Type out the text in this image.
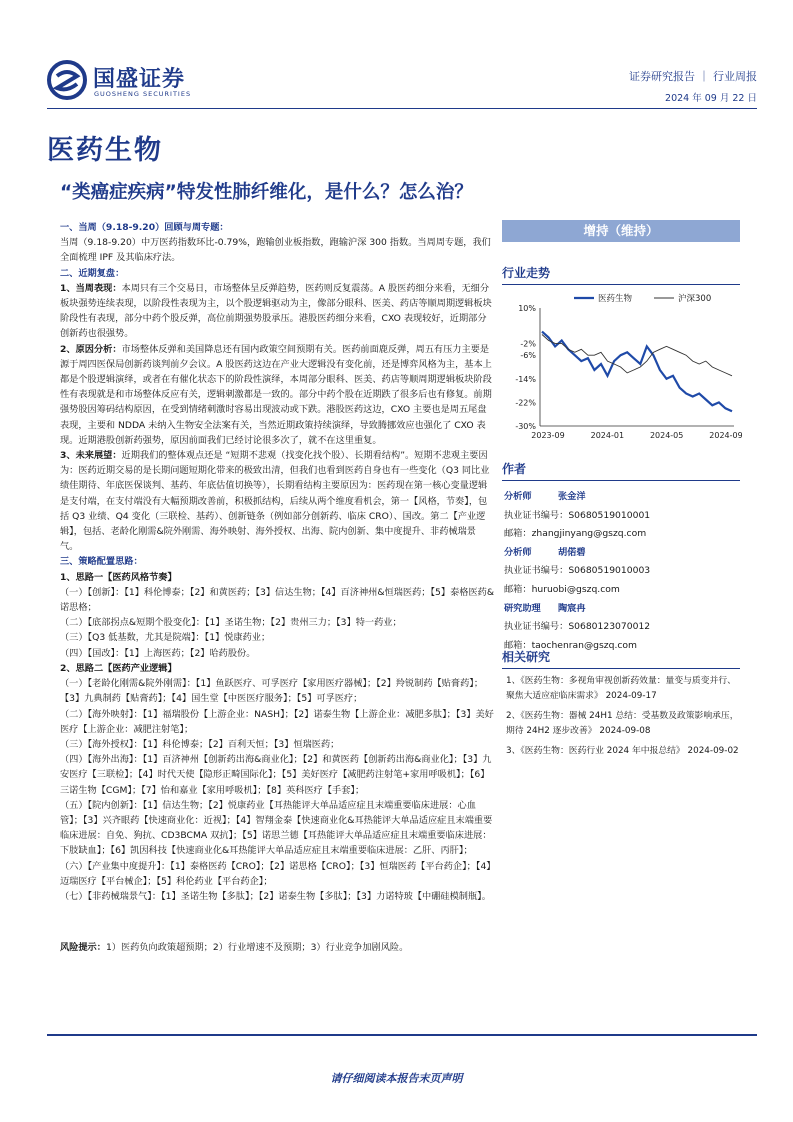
国盛证券
GUOSHENG SECURITIES
证券研究报告 ｜ 行业周报
2024 年 09 月 22 日
医药生物
“类癌症疾病”特发性肺纤维化，是什么？怎么治？

一、当周（9.18-9.20）回顾与周专题：

当周（9.18-9.20）中万医药指数环比-0.79%，跑输创业板指数，跑输沪深 300 指数。当周周专题，我们全面梳理 IPF 及其临床疗法。

二、近期复盘：

1、当周表现：本周只有三个交易日，市场整体呈反弹趋势，医药则反复震荡。A 股医药细分来看，无细分板块强势连续表现，以阶段性表现为主，以个股逻辑驱动为主，像部分眼科、医美、药店等顺周期逻辑板块阶段性有表现，部分中药个股反弹，高位前期强势股承压。港股医药细分来看，CXO 表现较好，近期部分创新药也很强势。

2、原因分析：市场整体反弹和美国降息还有国内政策空间预期有关。医药前面鹿反弹，周五有压力主要是源于周四医保局创新药谈判前夕会议。A 股医药这边在产业大逻辑没有变化前，还是博弈风格为主，基本上都是个股逻辑演绎，或者在有催化状态下的阶段性演绎，本周部分眼科、医美、药店等顺周期逻辑板块阶段性有表现就是和市场整体反应有关，逻辑刺激都是一致的。部分中药个股在近期跌了很多后也有修复。前期强势股因筹码结构原因，在受到情绪刺激时容易出现波动或下跌。港股医药这边，CXO 主要也是周五尾盘表现，主要和 NDDA 未纳入生物安全法案有关，当然近期政策持续演绎，导致腾挪效应也强化了 CXO 表现。近期港股创新药强势，原因前面我们已经讨论很多次了，就不在这里重复。

3、未来展望：近期我们的整体观点还是 “短期不悲观（找变化找个股）、长期看结构”。短期不悲观主要因为：医药近期交易的是长期问题短期化带来的极致出清，但我们也看到医药自身也有一些变化（Q3 同比业绩佳期待、年底医保谈判、基药、年底估值切换等），长期看结构主要原因为：医药现在第一核心变量逻辑是支付端，在支付端没有大幅预期改善前，积极抓结构，后续从两个维度看机会，第一【风格，节奏】，包括 Q3 业绩、Q4 变化（三联检、基药）、创新链条（例如部分创新药、临床 CRO）、国改。第二【产业逻辑】，包括、老龄化刚需&院外刚需、海外映射、海外授权、出海、院内创新、集中度提升、非药械瑞景气。

三、策略配置思路：

1、思路一【医药风格节奏】

（一）【创新】：【1】科伦博泰；【2】和黄医药；【3】信达生物；【4】百济神州&恒瑞医药；【5】泰格医药&诺思格；

（二）【底部拐点&短期个股变化】：【1】圣诺生物；【2】贵州三力；【3】特一药业；

（三）【Q3 低基数，尤其是院端】：【1】悦康药业；

（四）【国改】：【1】上海医药；【2】哈药股份。

2、思路二【医药产业逻辑】

（一）【老龄化刚需&院外刚需】：【1】鱼跃医疗、可孚医疗【家用医疗器械】；【2】羚锐制药【贴膏药】；【3】九典制药【贴膏药】；【4】国生堂【中医医疗服务】；【5】可孚医疗；

（二）【海外映射】：【1】福瑞股份【上游企业：NASH】；【2】诺泰生物【上游企业：减肥多肽】；【3】美好医疗【上游企业：减肥注射笔】；

（三）【海外授权】：【1】科伦博泰；【2】百利天恒；【3】恒瑞医药；

（四）【海外出海】：【1】百济神州【创新药出海&商业化】；【2】和黄医药【创新药出海&商业化】；【3】九安医疗【三联检】；【4】时代天使【隐形正畸国际化】；【5】美好医疗【减肥药注射笔+家用呼吸机】；【6】三诺生物【CGM】；【7】怡和嘉业【家用呼吸机】；【8】英科医疗【手套】；

（五）【院内创新】：【1】信达生物；【2】悦康药业【耳热能评大单品适应症且末端重要临床进展：心血管】；【3】兴齐眼药【快速商业化：近视】；【4】智翔金泰【快速商业化&耳热能评大单品适应症且末端重要临床进展：自免、狗抗、CD3BCMA 双抗】；【5】诺思兰德【耳热能评大单品适应症且末端重要临床进展：下肢缺血】；【6】凯因科技【快速商业化&耳热能评大单品适应症且末端重要临床进展：乙肝、丙肝】；

（六）【产业集中度提升】：【1】泰格医药【CRO】；【2】诺思格【CRO】；【3】恒瑞医药【平台药企】；【4】迈瑞医疗【平台械企】；【5】科伦药业【平台药企】；

（七）【非药械瑞景气】：【1】圣诺生物【多肽】；【2】诺泰生物【多肽】；【3】力诺特玻【中硼硅模制瓶】。

风险提示：1）医药负向政策超预期；2）行业增速不及预期；3）行业竞争加剧风险。
增持（维持）
行业走势
10%
-2%
-6%
-14%
-22%
-30%
2023-09	2024-01	2024-05	2024-09
医药生物	沪深300
作者
分析师	张金洋
执业证书编号：S0680519010001
邮箱：zhangjinyang@gszq.com
分析师	胡偌碧
执业证书编号：S0680519010003
邮箱：huruobi@gszq.com
研究助理 陶宸冉
执业证书编号：S0680123070012
邮箱：taochenran@gszq.com
相关研究
1、《医药生物：多视角审视创新药效量：量变与质变并行、聚焦大适应症临床需求》 2024-09-17
2、《医药生物：器械 24H1 总结：受基数及政策影响承压，期待 24H2 逐步改善》 2024-09-08
3、《医药生物：医药行业 2024 年中报总结》 2024-09-02
请仔细阅读本报告末页声明
